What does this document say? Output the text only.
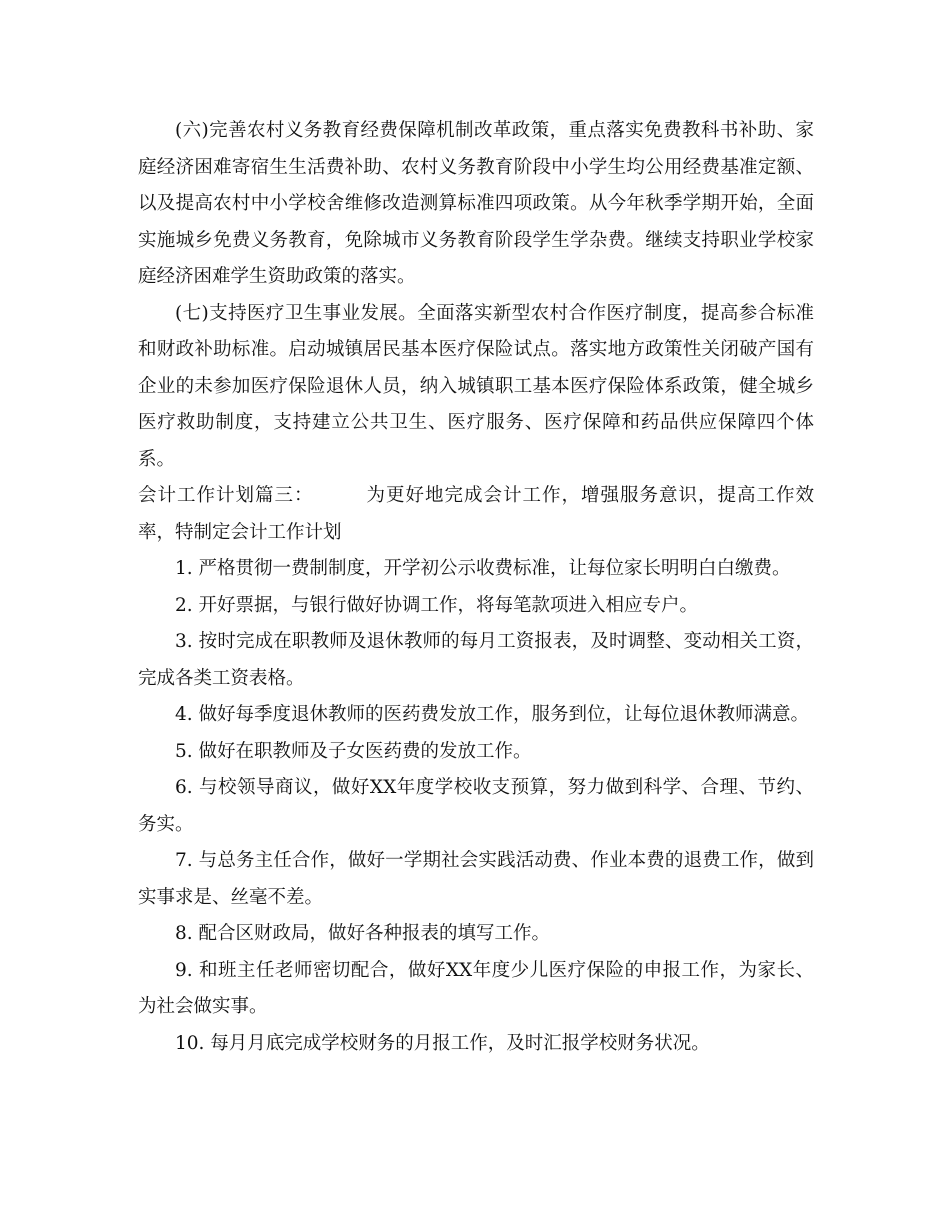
(六)完善农村义务教育经费保障机制改革政策，重点落实免费教科书补助、家庭经济困难寄宿生生活费补助、农村义务教育阶段中小学生均公用经费基准定额、以及提高农村中小学校舍维修改造测算标准四项政策。从今年秋季学期开始，全面实施城乡免费义务教育，免除城市义务教育阶段学生学杂费。继续支持职业学校家庭经济困难学生资助政策的落实。

(七)支持医疗卫生事业发展。全面落实新型农村合作医疗制度，提高参合标准和财政补助标准。启动城镇居民基本医疗保险试点。落实地方政策性关闭破产国有企业的未参加医疗保险退休人员，纳入城镇职工基本医疗保险体系政策，健全城乡医疗救助制度，支持建立公共卫生、医疗服务、医疗保障和药品供应保障四个体系。

会计工作计划篇三：	为更好地完成会计工作，增强服务意识，提高工作效率，特制定会计工作计划

1. 严格贯彻一费制制度，开学初公示收费标准，让每位家长明明白白缴费。

2. 开好票据，与银行做好协调工作，将每笔款项进入相应专户。

3. 按时完成在职教师及退休教师的每月工资报表，及时调整、变动相关工资，完成各类工资表格。

4. 做好每季度退休教师的医药费发放工作，服务到位，让每位退休教师满意。

5. 做好在职教师及子女医药费的发放工作。

6. 与校领导商议，做好XX年度学校收支预算，努力做到科学、合理、节约、务实。

7. 与总务主任合作，做好一学期社会实践活动费、作业本费的退费工作，做到实事求是、丝毫不差。

8. 配合区财政局，做好各种报表的填写工作。

9. 和班主任老师密切配合，做好XX年度少儿医疗保险的申报工作，为家长、为社会做实事。

10. 每月月底完成学校财务的月报工作，及时汇报学校财务状况。
